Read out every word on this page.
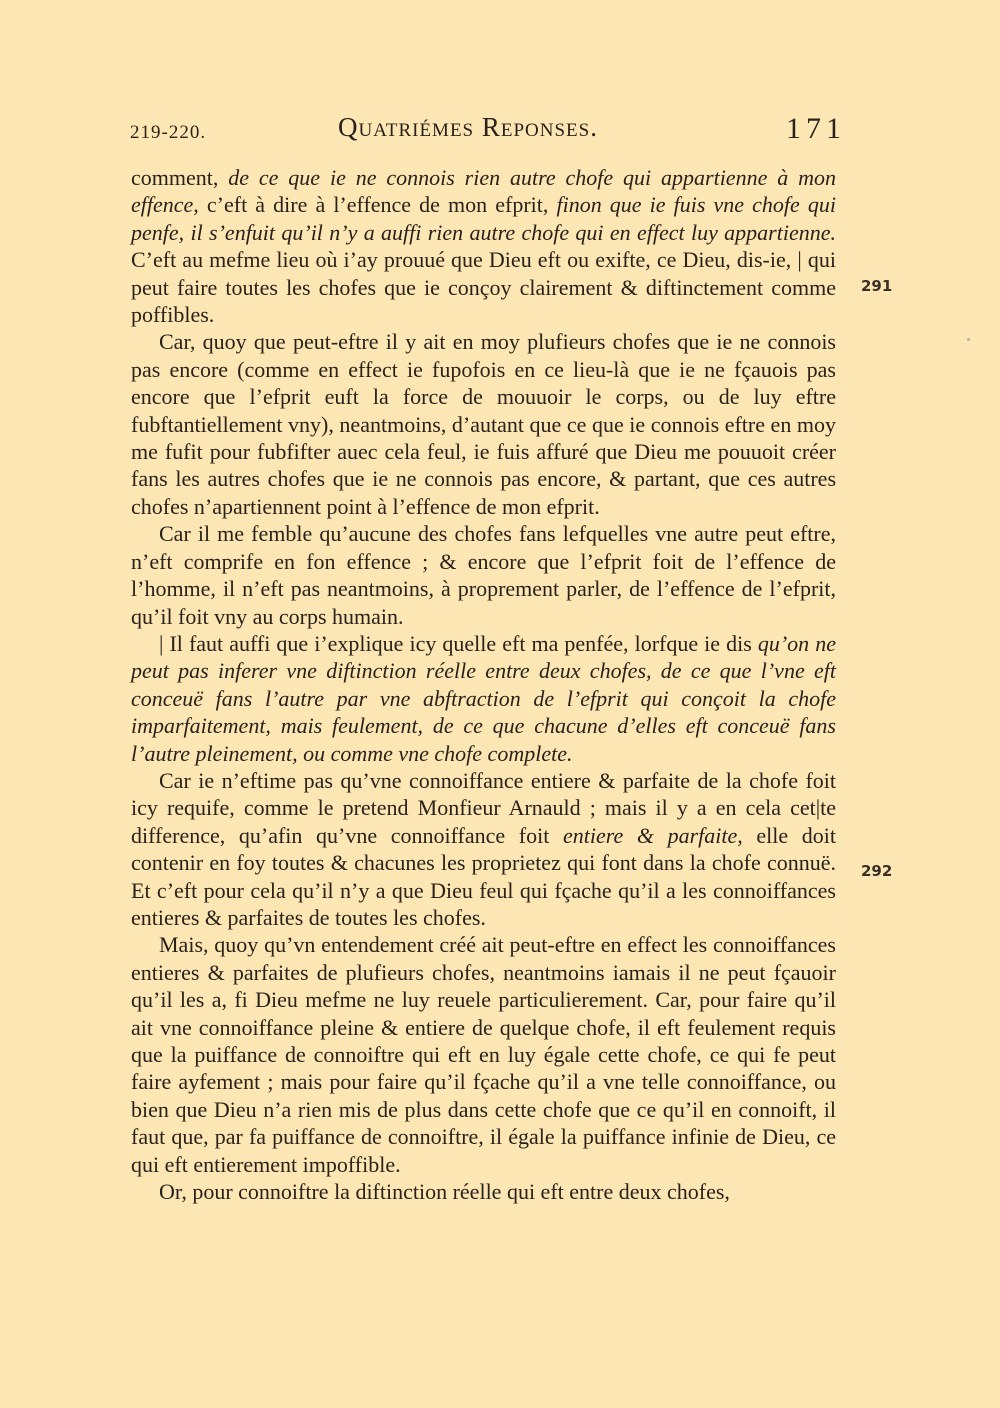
219-220.	Quatriémes Reponses.	171

comment, de ce que ie ne connois rien autre chofe qui appartienne à mon effence, c’eft à dire à l’effence de mon efprit, finon que ie fuis vne chofe qui penfe, il s’enfuit qu’il n’y a auffi rien autre chofe qui en effect luy appartienne. C’eft au mefme lieu où i’ay prouué que Dieu eft ou exifte, ce Dieu, dis-ie, | qui peut faire toutes les chofes que ie conçoy clairement & diftinctement comme poffibles.

Car, quoy que peut-eftre il y ait en moy plufieurs chofes que ie ne connois pas encore (comme en effect ie fupofois en ce lieu-là que ie ne fçauois pas encore que l’efprit euft la force de mouuoir le corps, ou de luy eftre fubftantiellement vny), neantmoins, d’autant que ce que ie connois eftre en moy me fufit pour fubfifter auec cela feul, ie fuis affuré que Dieu me pouuoit créer fans les autres chofes que ie ne connois pas encore, & partant, que ces autres chofes n’apartiennent point à l’effence de mon efprit.

Car il me femble qu’aucune des chofes fans lefquelles vne autre peut eftre, n’eft comprife en fon effence ; & encore que l’efprit foit de l’effence de l’homme, il n’eft pas neantmoins, à proprement parler, de l’effence de l’efprit, qu’il foit vny au corps humain.

| Il faut auffi que i’explique icy quelle eft ma penfée, lorfque ie dis qu’on ne peut pas inferer vne diftinction réelle entre deux chofes, de ce que l’vne eft conceuë fans l’autre par vne abftraction de l’efprit qui conçoit la chofe imparfaitement, mais feulement, de ce que chacune d’elles eft conceuë fans l’autre pleinement, ou comme vne chofe complete.

Car ie n’eftime pas qu’vne connoiffance entiere & parfaite de la chofe foit icy requife, comme le pretend Monfieur Arnauld ; mais il y a en cela cet|te difference, qu’afin qu’vne connoiffance foit entiere & parfaite, elle doit contenir en foy toutes & chacunes les proprietez qui font dans la chofe connuë. Et c’eft pour cela qu’il n’y a que Dieu feul qui fçache qu’il a les connoiffances entieres & parfaites de toutes les chofes.

Mais, quoy qu’vn entendement créé ait peut-eftre en effect les connoiffances entieres & parfaites de plufieurs chofes, neantmoins iamais il ne peut fçauoir qu’il les a, fi Dieu mefme ne luy reuele particulierement. Car, pour faire qu’il ait vne connoiffance pleine & entiere de quelque chofe, il eft feulement requis que la puiffance de connoiftre qui eft en luy égale cette chofe, ce qui fe peut faire ayfement ; mais pour faire qu’il fçache qu’il a vne telle connoiffance, ou bien que Dieu n’a rien mis de plus dans cette chofe que ce qu’il en connoift, il faut que, par fa puiffance de connoiftre, il égale la puiffance infinie de Dieu, ce qui eft entierement impoffible.

Or, pour connoiftre la diftinction réelle qui eft entre deux chofes,

291
292
